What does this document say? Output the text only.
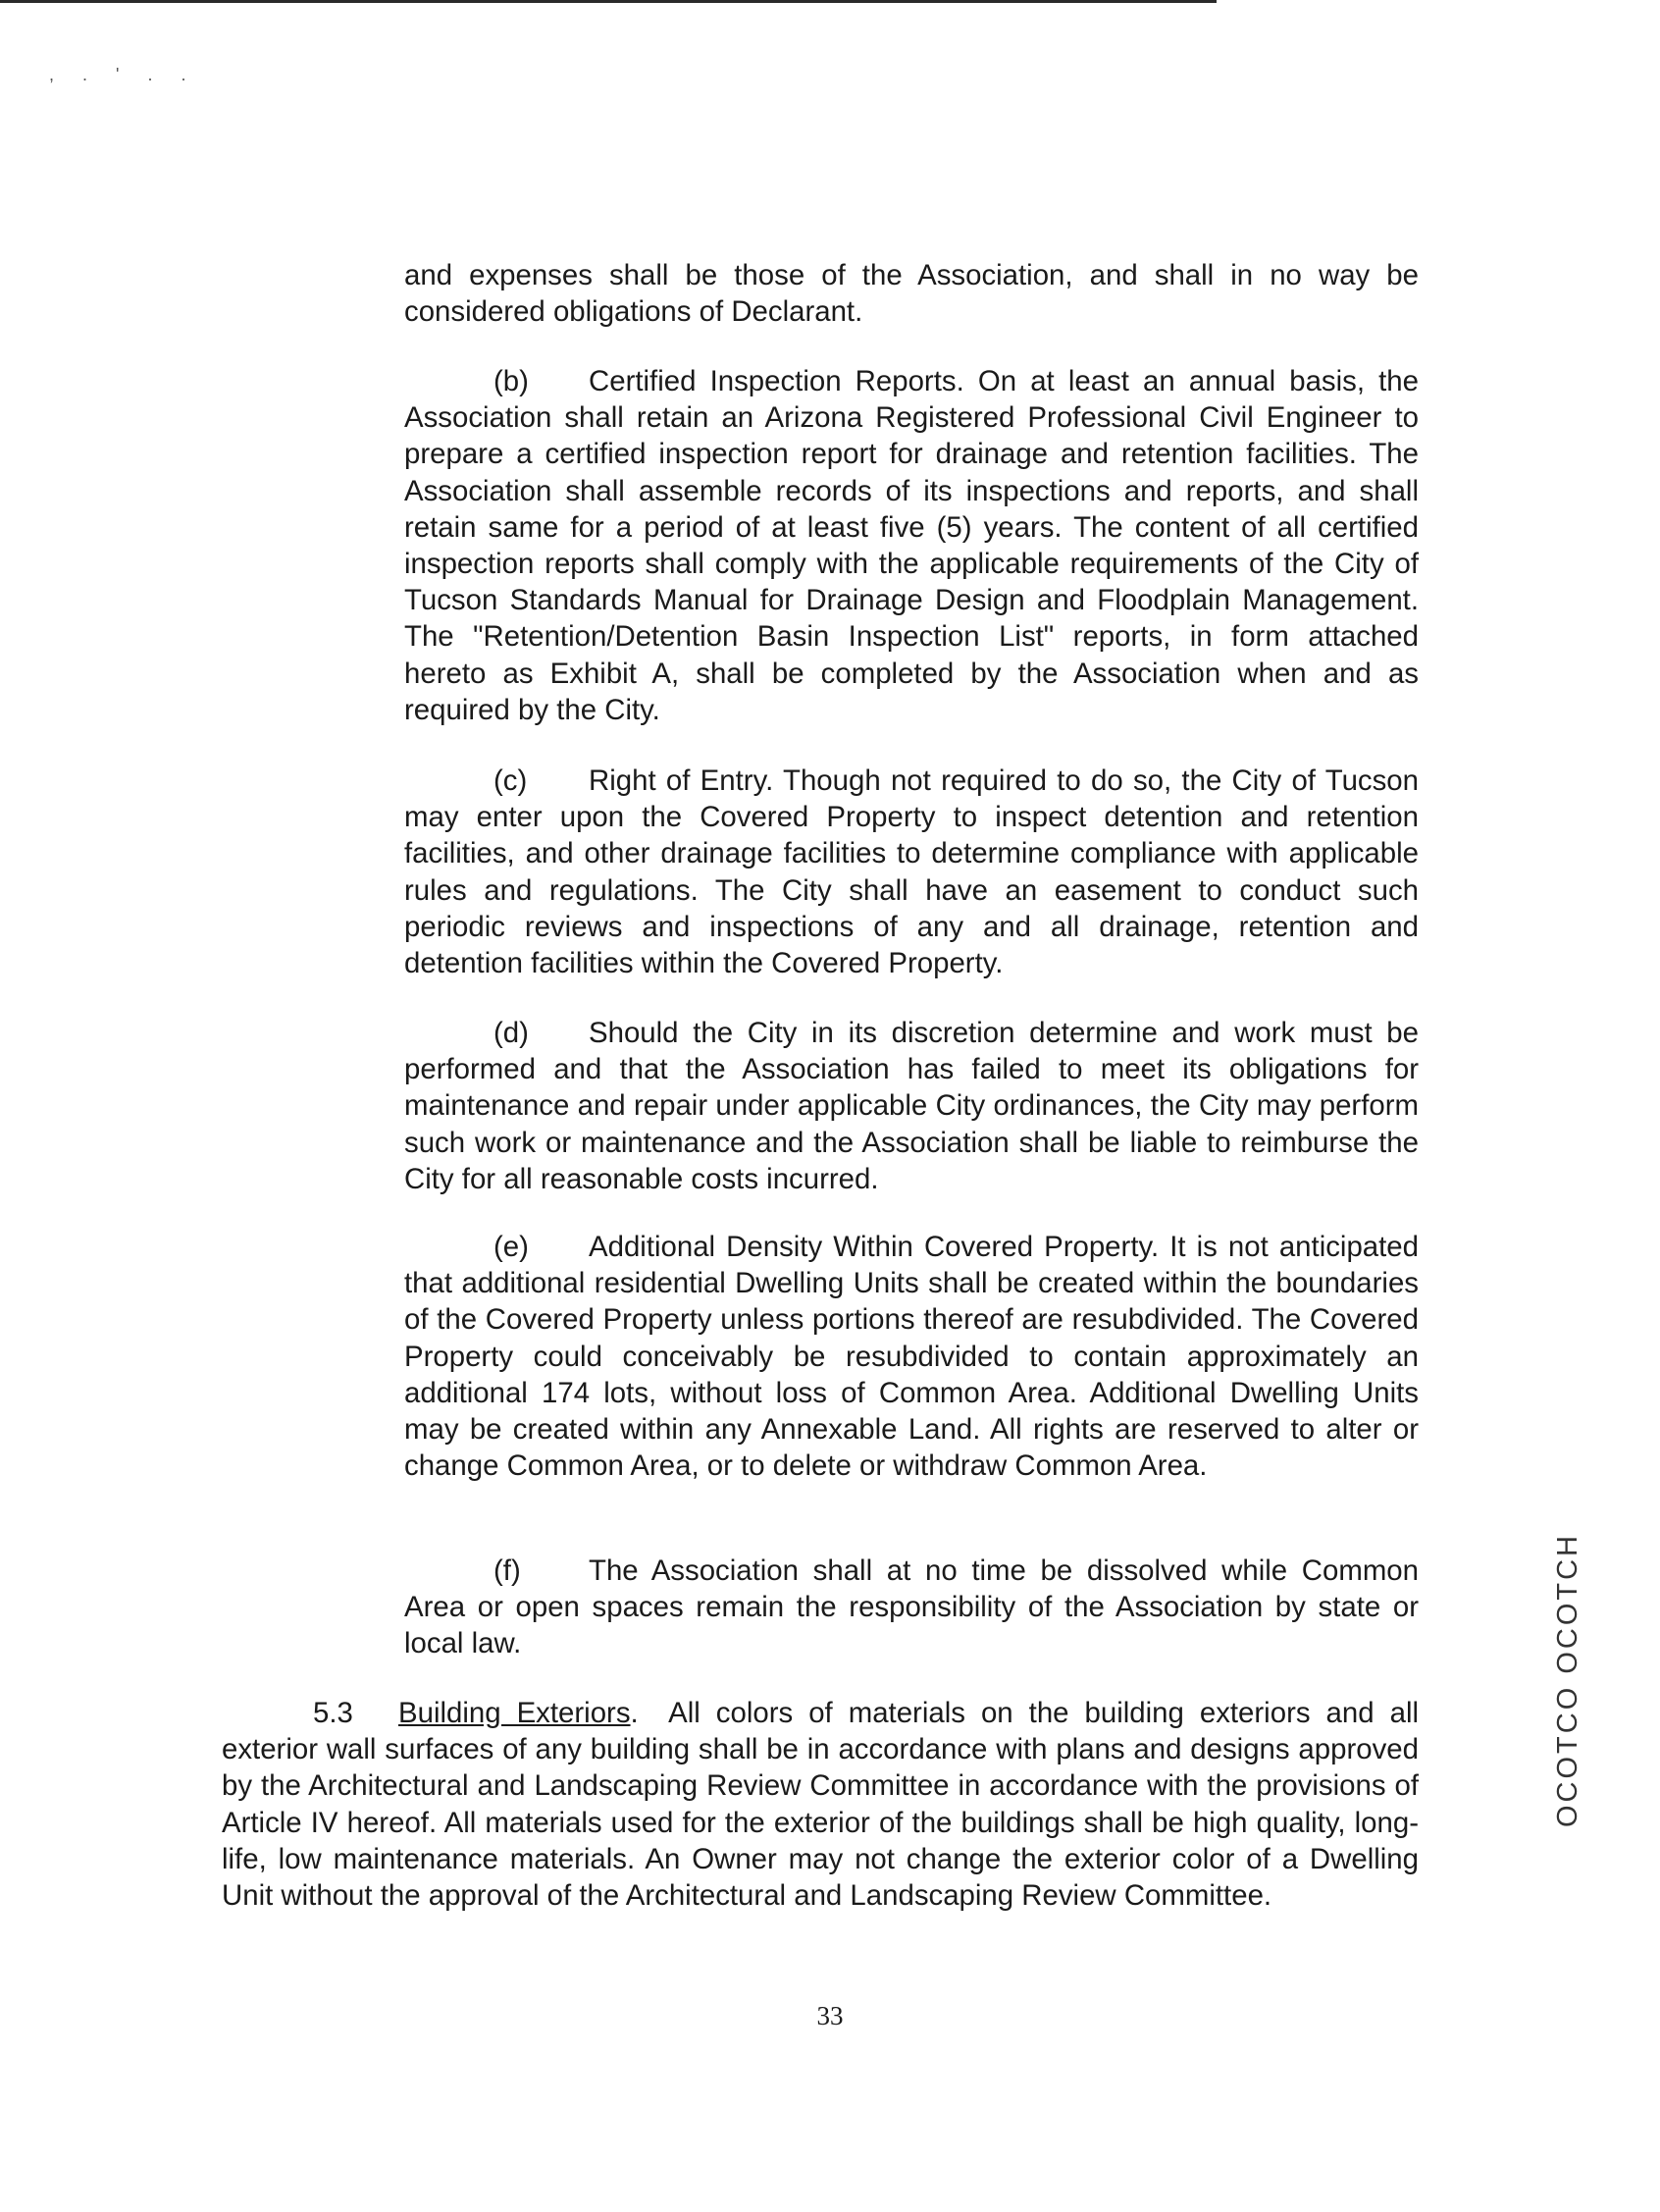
, . ' . .

and expenses shall be those of the Association, and shall in no way be considered obligations of Declarant.

(b) Certified Inspection Reports. On at least an annual basis, the Association shall retain an Arizona Registered Professional Civil Engineer to prepare a certified inspection report for drainage and retention facilities. The Association shall assemble records of its inspections and reports, and shall retain same for a period of at least five (5) years. The content of all certified inspection reports shall comply with the applicable requirements of the City of Tucson Standards Manual for Drainage Design and Floodplain Management. The "Retention/Detention Basin Inspection List" reports, in form attached hereto as Exhibit A, shall be completed by the Association when and as required by the City.

(c) Right of Entry. Though not required to do so, the City of Tucson may enter upon the Covered Property to inspect detention and retention facilities, and other drainage facilities to determine compliance with applicable rules and regulations. The City shall have an easement to conduct such periodic reviews and inspections of any and all drainage, retention and detention facilities within the Covered Property.

(d) Should the City in its discretion determine and work must be performed and that the Association has failed to meet its obligations for maintenance and repair under applicable City ordinances, the City may perform such work or maintenance and the Association shall be liable to reimburse the City for all reasonable costs incurred.

(e) Additional Density Within Covered Property. It is not anticipated that additional residential Dwelling Units shall be created within the boundaries of the Covered Property unless portions thereof are resubdivided. The Covered Property could conceivably be resubdivided to contain approximately an additional 174 lots, without loss of Common Area. Additional Dwelling Units may be created within any Annexable Land. All rights are reserved to alter or change Common Area, or to delete or withdraw Common Area.

(f) The Association shall at no time be dissolved while Common Area or open spaces remain the responsibility of the Association by state or local law.

5.3 Building Exteriors. All colors of materials on the building exteriors and all exterior wall surfaces of any building shall be in accordance with plans and designs approved by the Architectural and Landscaping Review Committee in accordance with the provisions of Article IV hereof. All materials used for the exterior of the buildings shall be high quality, long-life, low maintenance materials. An Owner may not change the exterior color of a Dwelling Unit without the approval of the Architectural and Landscaping Review Committee.

33
OCOTCO OCOTCH
